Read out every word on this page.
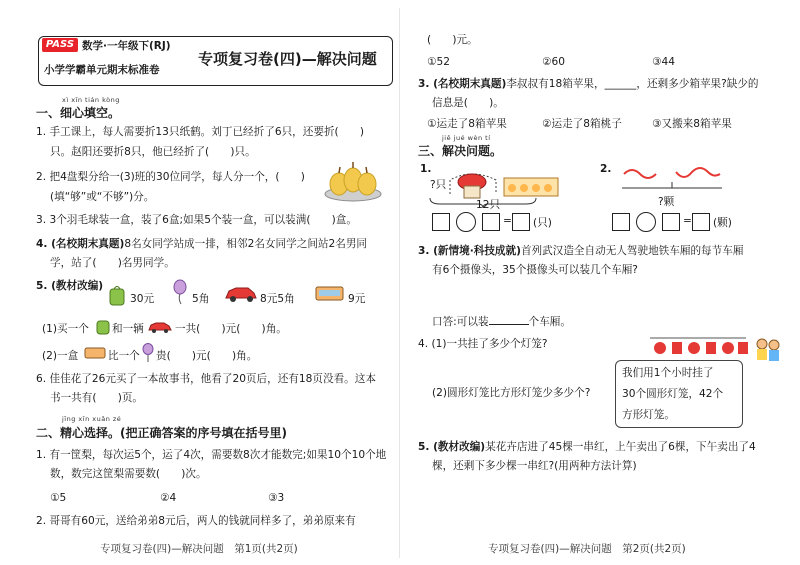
PASS 数学·一年级下(RJ)
小学学霸单元期末标准卷
专项复习卷(四)—解决问题
xì xīn tián kòng
一、细心填空。
1. 手工课上，每人需要折13只纸鹤。刘丁已经折了6只，还要折(　　)
只。赵阳还要折8只，他已经折了(　　)只。
2. 把4盘梨分给一(3)班的30位同学，每人分一个，(　　)
(填“够”或“不够”)分。
3. 3个羽毛球装一盒，装了6盒;如果5个装一盒，可以装满(　　)盒。
4. (名校期末真题)8名女同学站成一排，相邻2名女同学之间站2名男同
学，站了(　　)名男同学。
5. (教材改编)
30元	5角	8元5角	9元
(1)买一个 和一辆	一共(　　)元(　　)角。
(2)一盒	比一个 贵(　　)元(　　)角。
6. 佳佳花了26元买了一本故事书，他看了20页后，还有18页没看。这本
书一共有(　　)页。
jīng xīn xuǎn zé
二、精心选择。(把正确答案的序号填在括号里)
1. 有一筐梨，每次运5个，运了4次，需要数8次才能数完;如果10个10个地
数，数完这筐梨需要数(　　)次。
①5	②4	③3
2. 哥哥有60元，送给弟弟8元后，两人的钱就同样多了，弟弟原来有
专项复习卷(四)—解决问题　第1页(共2页)
(　　)元。
①52	②60	③44
3. (名校期末真题)李叔叔有18箱苹果，______，还剩多少箱苹果?缺少的
信息是(　　)。
①运走了8箱苹果	②运走了8箱桃子	③又搬来8箱苹果
jiě jué wèn tí
三、解决问题。
1.
?只
12只
= (只)
2.
?颗
= (颗)
3. (新情境·科技成就)首列武汉造全自动无人驾驶地铁车厢的每节车厢
有6个摄像头，35个摄像头可以装几个车厢?
口答:可以装	个车厢。
4. (1)一共挂了多少个灯笼?
(2)圆形灯笼比方形灯笼少多少个?
我们用1个小时挂了
30个圆形灯笼，42个
方形灯笼。
5. (教材改编)某花卉店进了45棵一串红，上午卖出了6棵，下午卖出了4
棵，还剩下多少棵一串红?(用两种方法计算)
专项复习卷(四)—解决问题　第2页(共2页)
